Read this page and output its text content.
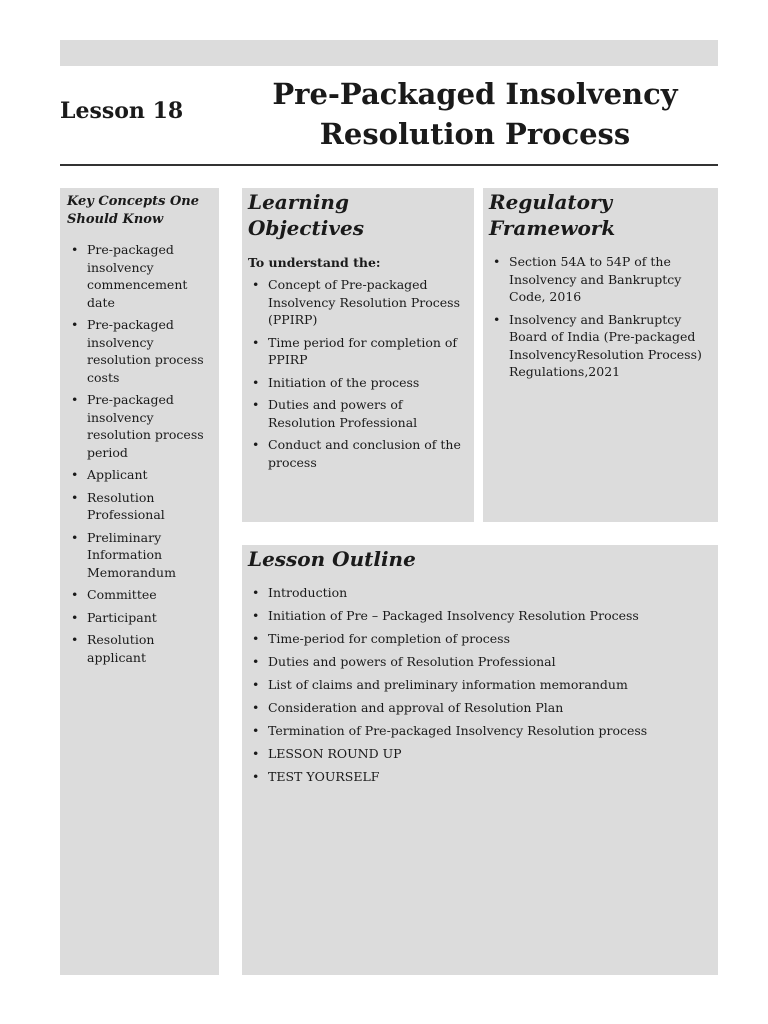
Lesson 18	Pre-Packaged Insolvency
Resolution Process
Key Concepts One Should Know
• Pre-packaged insolvency commencement date
• Pre-packaged insolvency resolution process costs
• Pre-packaged insolvency resolution process period
• Applicant
• Resolution Professional
• Preliminary Information Memorandum
• Committee
• Participant
• Resolution applicant
Learning Objectives
To understand the:
• Concept of Pre-packaged Insolvency Resolution Process (PPIRP)
• Time period for completion of PPIRP
• Initiation of the process
• Duties and powers of Resolution Professional
• Conduct and conclusion of the process
Regulatory Framework
• Section 54A to 54P of the Insolvency and Bankruptcy Code, 2016
• Insolvency and Bankruptcy Board of India (Pre-packaged InsolvencyResolution Process) Regulations,2021
Lesson Outline
• Introduction
• Initiation of Pre – Packaged Insolvency Resolution Process
• Time-period for completion of process
• Duties and powers of Resolution Professional
• List of claims and preliminary information memorandum
• Consideration and approval of Resolution Plan
• Termination of Pre-packaged Insolvency Resolution process
• LESSON ROUND UP
• TEST YOURSELF
